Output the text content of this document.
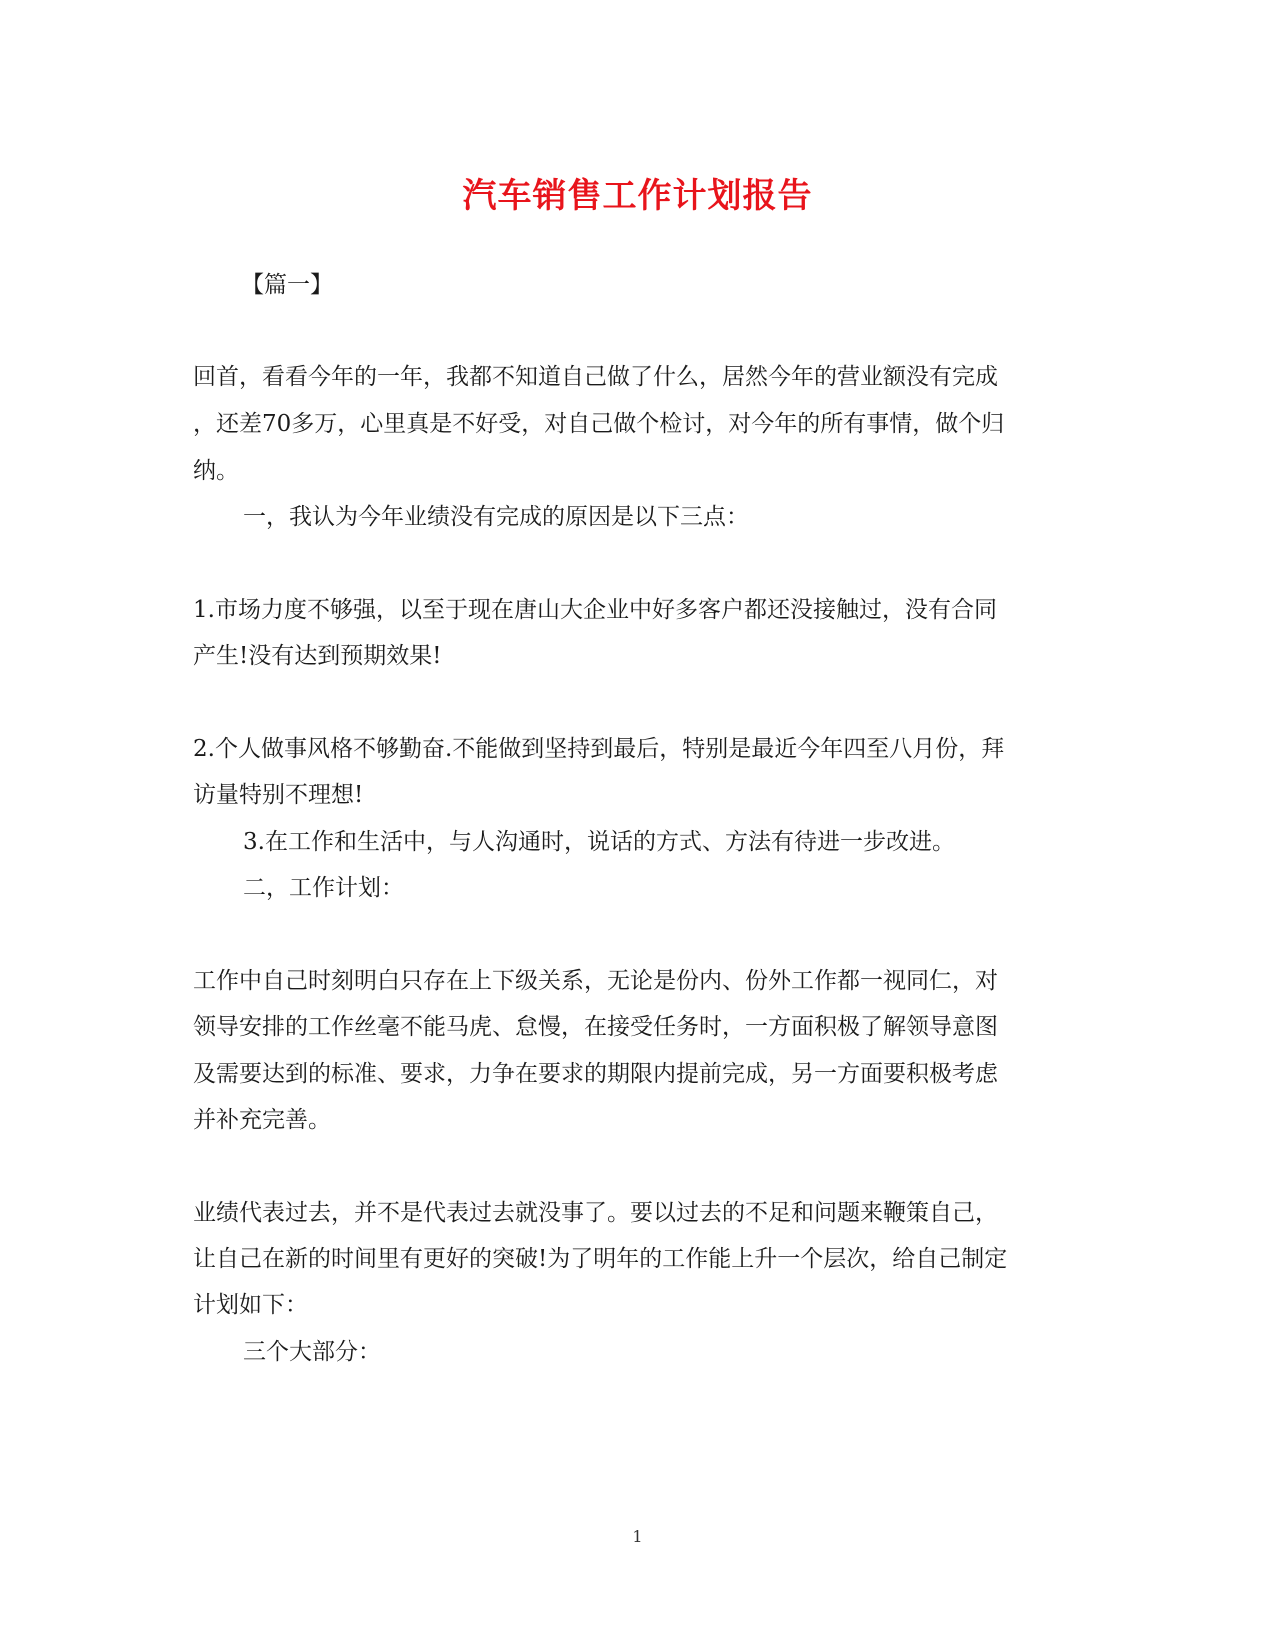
汽车销售工作计划报告
【篇一】
回首，看看今年的一年，我都不知道自己做了什么，居然今年的营业额没有完成
，还差70多万，心里真是不好受，对自己做个检讨，对今年的所有事情，做个归
纳。
一，我认为今年业绩没有完成的原因是以下三点：
1.市场力度不够强，以至于现在唐山大企业中好多客户都还没接触过，没有合同
产生!没有达到预期效果!
2.个人做事风格不够勤奋.不能做到坚持到最后，特别是最近今年四至八月份，拜
访量特别不理想!
3.在工作和生活中，与人沟通时，说话的方式、方法有待进一步改进。
二，工作计划：
工作中自己时刻明白只存在上下级关系，无论是份内、份外工作都一视同仁，对
领导安排的工作丝毫不能马虎、怠慢，在接受任务时，一方面积极了解领导意图
及需要达到的标准、要求，力争在要求的期限内提前完成，另一方面要积极考虑
并补充完善。
业绩代表过去，并不是代表过去就没事了。要以过去的不足和问题来鞭策自己，
让自己在新的时间里有更好的突破!为了明年的工作能上升一个层次，给自己制定
计划如下：
三个大部分：
1
